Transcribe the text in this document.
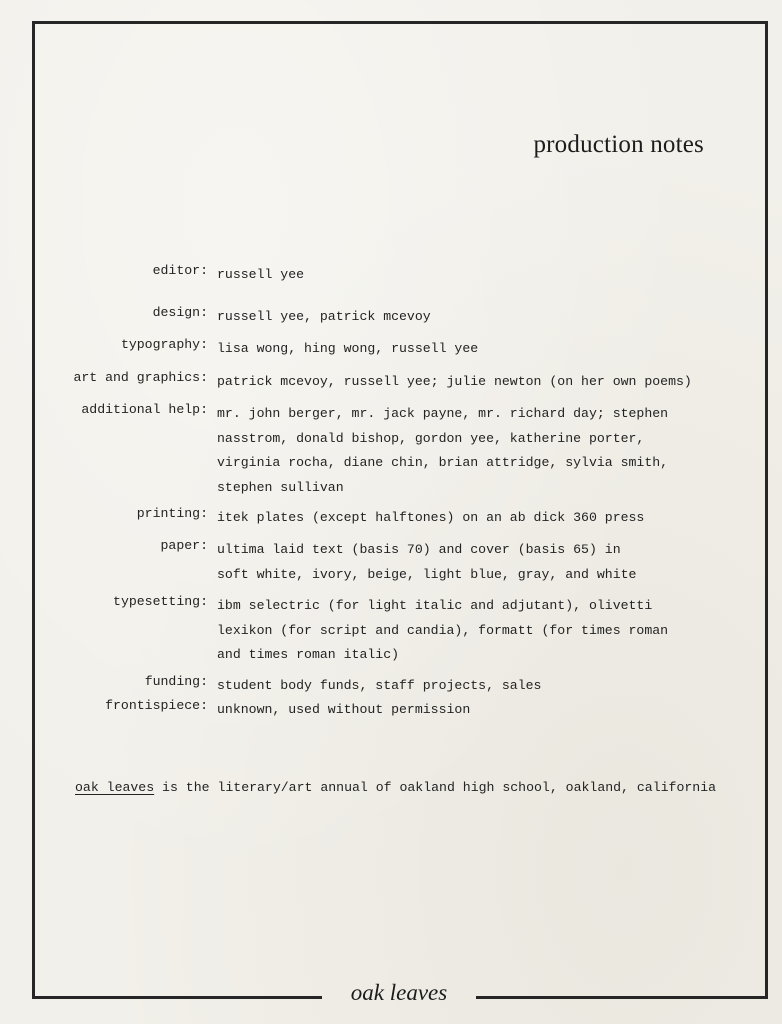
production notes
editor: russell yee
design: russell yee, patrick mcevoy
typography: lisa wong, hing wong, russell yee
art and graphics: patrick mcevoy, russell yee; julie newton (on her own poems)
additional help: mr. john berger, mr. jack payne, mr. richard day; stephen
nasstrom, donald bishop, gordon yee, katherine porter,
virginia rocha, diane chin, brian attridge, sylvia smith,
stephen sullivan
printing: itek plates (except halftones) on an ab dick 360 press
paper: ultima laid text (basis 70) and cover (basis 65) in
soft white, ivory, beige, light blue, gray, and white
typesetting: ibm selectric (for light italic and adjutant), olivetti
lexikon (for script and candia), formatt (for times roman
and times roman italic)
funding: student body funds, staff projects, sales
frontispiece: unknown, used without permission
oak leaves is the literary/art annual of oakland high school, oakland, california
oak leaves
